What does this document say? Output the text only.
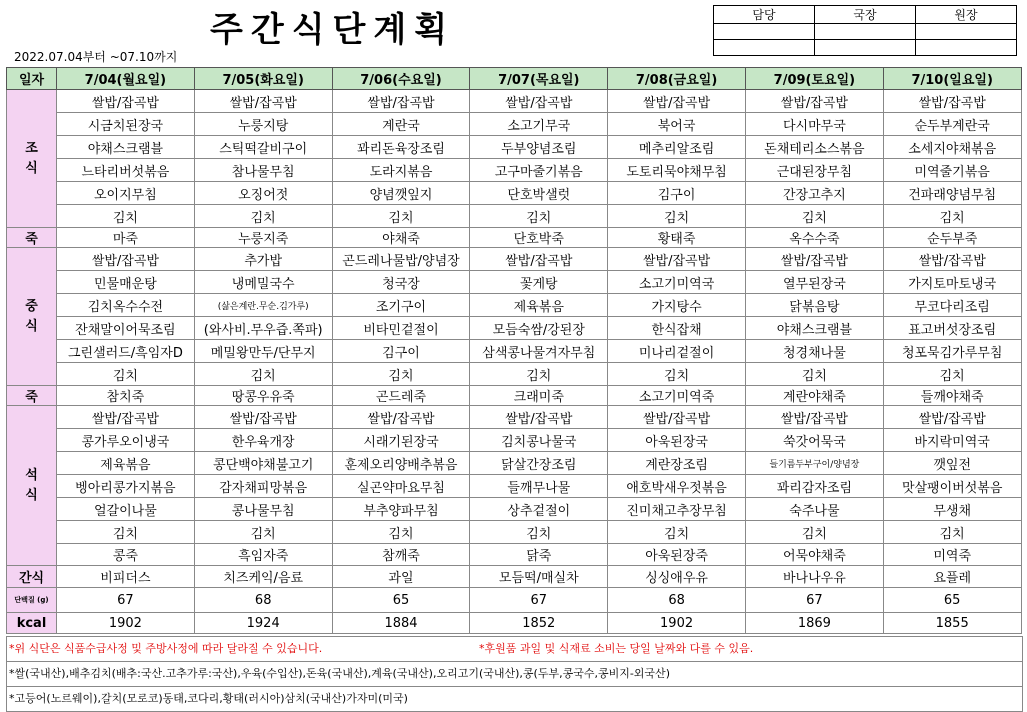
주간식단계획
2022.07.04부터 ~07.10까지
담당	국장	원장

일자	7/04(월요일)	7/05(화요일)	7/06(수요일)	7/07(목요일)	7/08(금요일)	7/09(토요일)	7/10(일요일)
조식	쌀밥/잡곡밥	쌀밥/잡곡밥	쌀밥/잡곡밥	쌀밥/잡곡밥	쌀밥/잡곡밥	쌀밥/잡곡밥	쌀밥/잡곡밥
	시금치된장국	누룽지탕	계란국	소고기무국	북어국	다시마무국	순두부계란국
	야채스크램블	스틱떡갈비구이	꽈리돈육장조림	두부양념조림	메추리알조림	돈채테리소스볶음	소세지야채볶음
	느타리버섯볶음	참나물무침	도라지볶음	고구마줄기볶음	도토리묵야채무침	근대된장무침	미역줄기볶음
	오이지무침	오징어젓	양념깻잎지	단호박샐럿	김구이	간장고추지	건파래양념무침
	김치	김치	김치	김치	김치	김치	김치
죽	마죽	누룽지죽	야채죽	단호박죽	황태죽	옥수수죽	순두부죽
중식	쌀밥/잡곡밥	추가밥	곤드레나물밥/양념장	쌀밥/잡곡밥	쌀밥/잡곡밥	쌀밥/잡곡밥	쌀밥/잡곡밥
	민물매운탕	냉메밀국수	청국장	꽃게탕	소고기미역국	열무된장국	가지토마토냉국
	김치옥수수전	(삶은계란.무순.김가루)	조기구이	제육볶음	가지탕수	닭볶음탕	무코다리조림
	잔채말이어묵조림	(와사비.무우즙.쪽파)	비타민겉절이	모듬숙쌈/강된장	한식잡채	야채스크램블	표고버섯장조림
	그린샐러드/흑임자D	메밀왕만두/단무지	김구이	삼색콩나물겨자무침	미나리겉절이	청경채나물	청포묵김가루무침
	김치	김치	김치	김치	김치	김치	김치
죽	참치죽	땅콩우유죽	곤드레죽	크래미죽	소고기미역죽	계란야채죽	들깨야채죽
석식	쌀밥/잡곡밥	쌀밥/잡곡밥	쌀밥/잡곡밥	쌀밥/잡곡밥	쌀밥/잡곡밥	쌀밥/잡곡밥	쌀밥/잡곡밥
	콩가루오이냉국	한우육개장	시래기된장국	김치콩나물국	아욱된장국	쑥갓어묵국	바지락미역국
	제육볶음	콩단백야채불고기	훈제오리양배추볶음	닭살간장조림	계란장조림	들기름두부구이/양념장	깻잎전
	벵아리콩가지볶음	감자채피망볶음	실곤약마요무침	들깨무나물	애호박새우젓볶음	꽈리감자조림	맛살팽이버섯볶음
	얼갈이나물	콩나물무침	부추양파무침	상추겉절이	진미채고추장무침	숙주나물	무생채
	김치	김치	김치	김치	김치	김치	김치
	콩죽	흑임자죽	참깨죽	닭죽	아욱된장죽	어묵야채죽	미역죽
간식	비피더스	치즈케익/음료	과일	모듬떡/매실차	싱싱애우유	바나나우유	요플레

단백질 (g)	67	68	65	67	68	67	65
kcal	1902	1924	1884	1852	1902	1869	1855
*위 식단은 식품수급사정 및 주방사정에 따라 달라질 수 있습니다.	*후원품 과일 및 식재료 소비는 당일 날짜와 다를 수 있음.
*쌀(국내산),배추김치(배추:국산.고추가루:국산),우육(수입산),돈육(국내산),계육(국내산),오리고기(국내산),콩(두부,콩국수,콩비지-외국산)
*고등어(노르웨이),갈치(모로코)동태,코다리,황태(러시아)삼치(국내산)가자미(미국)
